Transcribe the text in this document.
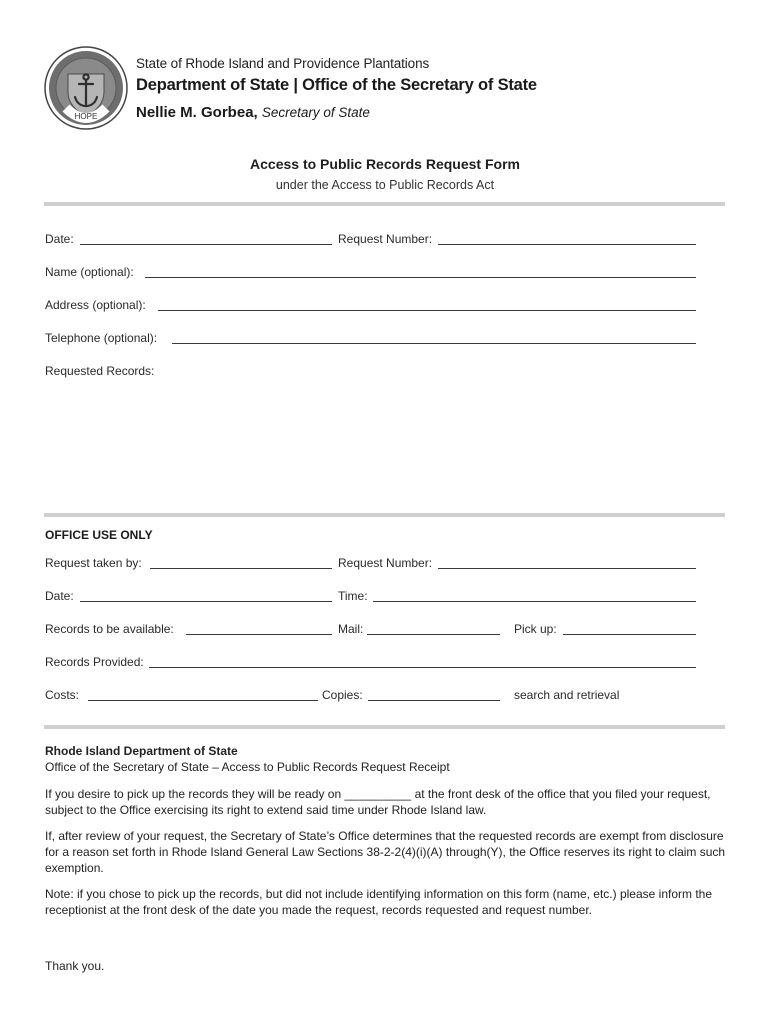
HOPE
State of Rhode Island and Providence Plantations
Department of State | Office of the Secretary of State
Nellie M. Gorbea, Secretary of State
Access to Public Records Request Form
under the Access to Public Records Act
Date:	Request Number:
Name (optional):
Address (optional):
Telephone (optional):
Requested Records:
OFFICE USE ONLY
Request taken by:	Request Number:
Date:	Time:
Records to be available:	Mail:	Pick up:
Records Provided:
Costs:	Copies:	search and retrieval
Rhode Island Department of State
Office of the Secretary of State – Access to Public Records Request Receipt
If you desire to pick up the records they will be ready on __________ at the front desk of the office that you filed your request, subject to the Office exercising its right to extend said time under Rhode Island law.
If, after review of your request, the Secretary of State’s Office determines that the requested records are exempt from disclosure for a reason set forth in Rhode Island General Law Sections 38-2-2(4)(i)(A) through(Y), the Office reserves its right to claim such exemption.
Note: if you chose to pick up the records, but did not include identifying information on this form (name, etc.) please inform the receptionist at the front desk of the date you made the request, records requested and request number.
Thank you.
